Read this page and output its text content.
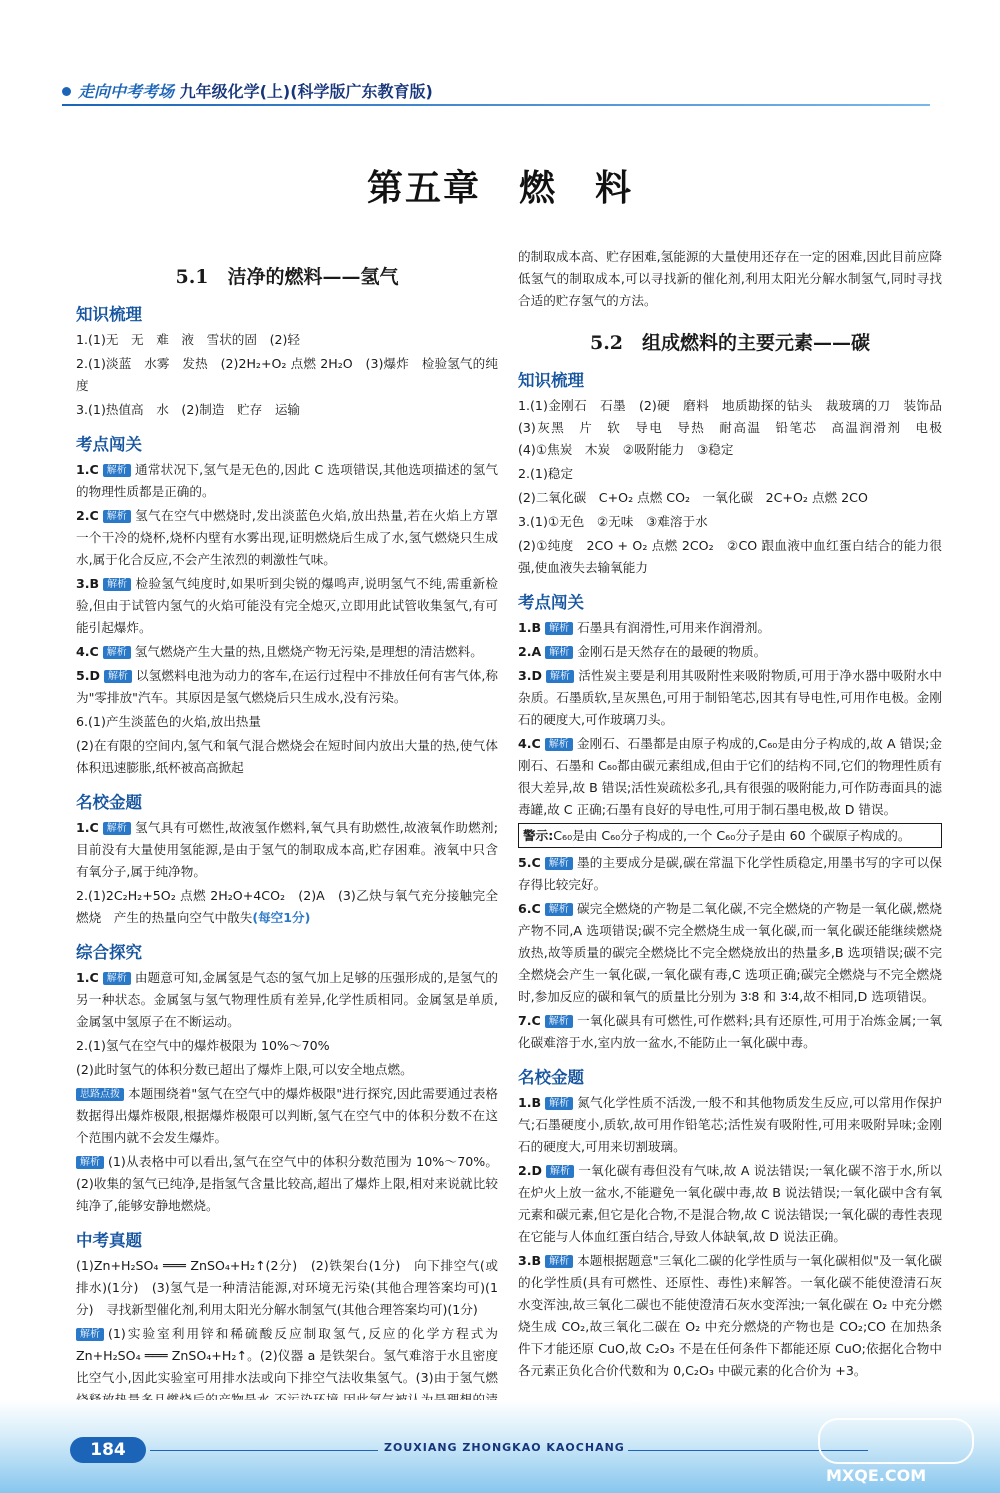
走向中考考场 九年级化学(上)(科学版广东教育版)
第五章　燃　料
5.1　洁净的燃料——氢气
知识梳理
1.(1)无　无　难　液　雪状的固　(2)轻
2.(1)淡蓝　水雾　发热　(2)2H₂+O₂ 点燃 2H₂O　(3)爆炸　检验氢气的纯度
3.(1)热值高　水　(2)制造　贮存　运输
考点闯关
1.C 解析 通常状况下,氢气是无色的,因此 C 选项错误,其他选项描述的氢气的物理性质都是正确的。
2.C 解析 氢气在空气中燃烧时,发出淡蓝色火焰,放出热量,若在火焰上方罩一个干冷的烧杯,烧杯内壁有水雾出现,证明燃烧后生成了水,氢气燃烧只生成水,属于化合反应,不会产生浓烈的刺激性气味。
3.B 解析 检验氢气纯度时,如果听到尖锐的爆鸣声,说明氢气不纯,需重新检验,但由于试管内氢气的火焰可能没有完全熄灭,立即用此试管收集氢气,有可能引起爆炸。
4.C 解析 氢气燃烧产生大量的热,且燃烧产物无污染,是理想的清洁燃料。
5.D 解析 以氢燃料电池为动力的客车,在运行过程中不排放任何有害气体,称为"零排放"汽车。其原因是氢气燃烧后只生成水,没有污染。
6.(1)产生淡蓝色的火焰,放出热量
(2)在有限的空间内,氢气和氧气混合燃烧会在短时间内放出大量的热,使气体体积迅速膨胀,纸杯被高高掀起
名校金题
1.C 解析 氢气具有可燃性,故液氢作燃料,氧气具有助燃性,故液氧作助燃剂;目前没有大量使用氢能源,是由于氢气的制取成本高,贮存困难。液氧中只含有氧分子,属于纯净物。
2.(1)2C₂H₂+5O₂ 点燃 2H₂O+4CO₂　(2)A　(3)乙炔与氧气充分接触完全燃烧　产生的热量向空气中散失(每空1分)
综合探究
1.C 解析 由题意可知,金属氢是气态的氢气加上足够的压强形成的,是氢气的另一种状态。金属氢与氢气物理性质有差异,化学性质相同。金属氢是单质,金属氢中氢原子在不断运动。
2.(1)氢气在空气中的爆炸极限为 10%～70%
(2)此时氢气的体积分数已超出了爆炸上限,可以安全地点燃。
思路点拨 本题围绕着"氢气在空气中的爆炸极限"进行探究,因此需要通过表格数据得出爆炸极限,根据爆炸极限可以判断,氢气在空气中的体积分数不在这个范围内就不会发生爆炸。
解析 (1)从表格中可以看出,氢气在空气中的体积分数范围为 10%～70%。(2)收集的氢气已纯净,是指氢气含量比较高,超出了爆炸上限,相对来说就比较纯净了,能够安静地燃烧。
中考真题
(1)Zn+H₂SO₄ ═══ ZnSO₄+H₂↑(2分)　(2)铁架台(1分)　向下排空气(或排水)(1分)　(3)氢气是一种清洁能源,对环境无污染(其他合理答案均可)(1分)　寻找新型催化剂,利用太阳光分解水制氢气(其他合理答案均可)(1分)
解析 (1)实验室利用锌和稀硫酸反应制取氢气,反应的化学方程式为 Zn+H₂SO₄ ═══ ZnSO₄+H₂↑。(2)仪器 a 是铁架台。氢气难溶于水且密度比空气小,因此实验室可用排水法或向下排空气法收集氢气。(3)由于氢气燃
的制取成本高、贮存困难,氢能源的大量使用还存在一定的困难,因此目前应降低氢气的制取成本,可以寻找新的催化剂,利用太阳光分解水制氢气,同时寻找合适的贮存氢气的方法。
5.2　组成燃料的主要元素——碳
知识梳理
1.(1)金刚石　石墨　(2)硬　磨料　地质勘探的钻头　裁玻璃的刀　装饰品　(3)灰黑　片　软　导电　导热　耐高温　铅笔芯　高温润滑剂　电极　(4)①焦炭　木炭　②吸附能力　③稳定
2.(1)稳定
(2)二氧化碳　C+O₂ 点燃 CO₂　一氧化碳　2C+O₂ 点燃 2CO
3.(1)①无色　②无味　③难溶于水
(2)①纯度　2CO + O₂ 点燃 2CO₂　②CO 跟血液中血红蛋白结合的能力很强,使血液失去输氧能力
考点闯关
1.B 解析 石墨具有润滑性,可用来作润滑剂。
2.A 解析 金刚石是天然存在的最硬的物质。
3.D 解析 活性炭主要是利用其吸附性来吸附物质,可用于净水器中吸附水中杂质。石墨质软,呈灰黑色,可用于制铅笔芯,因其有导电性,可用作电极。金刚石的硬度大,可作玻璃刀头。
4.C 解析 金刚石、石墨都是由原子构成的,C₆₀是由分子构成的,故 A 错误;金刚石、石墨和 C₆₀都由碳元素组成,但由于它们的结构不同,它们的物理性质有很大差异,故 B 错误;活性炭疏松多孔,具有很强的吸附能力,可作防毒面具的滤毒罐,故 C 正确;石墨有良好的导电性,可用于制石墨电极,故 D 错误。
警示:C₆₀是由 C₆₀分子构成的,一个 C₆₀分子是由 60 个碳原子构成的。
5.C 解析 墨的主要成分是碳,碳在常温下化学性质稳定,用墨书写的字可以保存得比较完好。
6.C 解析 碳完全燃烧的产物是二氧化碳,不完全燃烧的产物是一氧化碳,燃烧产物不同,A 选项错误;碳不完全燃烧生成一氧化碳,而一氧化碳还能继续燃烧放热,故等质量的碳完全燃烧比不完全燃烧放出的热量多,B 选项错误;碳不完全燃烧会产生一氧化碳,一氧化碳有毒,C 选项正确;碳完全燃烧与不完全燃烧时,参加反应的碳和氧气的质量比分别为 3∶8 和 3∶4,故不相同,D 选项错误。
7.C 解析 一氧化碳具有可燃性,可作燃料;具有还原性,可用于冶炼金属;一氧化碳难溶于水,室内放一盆水,不能防止一氧化碳中毒。
名校金题
1.B 解析 氮气化学性质不活泼,一般不和其他物质发生反应,可以常用作保护气;石墨硬度小,质软,故可用作铅笔芯;活性炭有吸附性,可用来吸附异味;金刚石的硬度大,可用来切割玻璃。
2.D 解析 一氧化碳有毒但没有气味,故 A 说法错误;一氧化碳不溶于水,所以在炉火上放一盆水,不能避免一氧化碳中毒,故 B 说法错误;一氧化碳中含有氧元素和碳元素,但它是化合物,不是混合物,故 C 说法错误;一氧化碳的毒性表现在它能与人体血红蛋白结合,导致人体缺氧,故 D 说法正确。
3.B 解析 本题根据题意"三氧化二碳的化学性质与一氧化碳相似"及一氧化碳的化学性质(具有可燃性、还原性、毒性)来解答。一氧化碳不能使澄清石灰水变浑浊,故三氧化二碳也不能使澄清石灰水变浑浊;一氧化碳在 O₂ 中充分燃烧生成 CO₂,故三氧化二碳在 O₂ 中充分燃烧的产物也是 CO₂;CO 在加热条件下才能还原 CuO,故 C₂O₃ 不是在任何条件下都能还原 CuO;依据化合物中各元素正负化合价代数和为 0,C₂O₃ 中碳元素的化合价为 +3。
184	ZOUXIANG ZHONGKAO KAOCHANG
MXQE.COM
